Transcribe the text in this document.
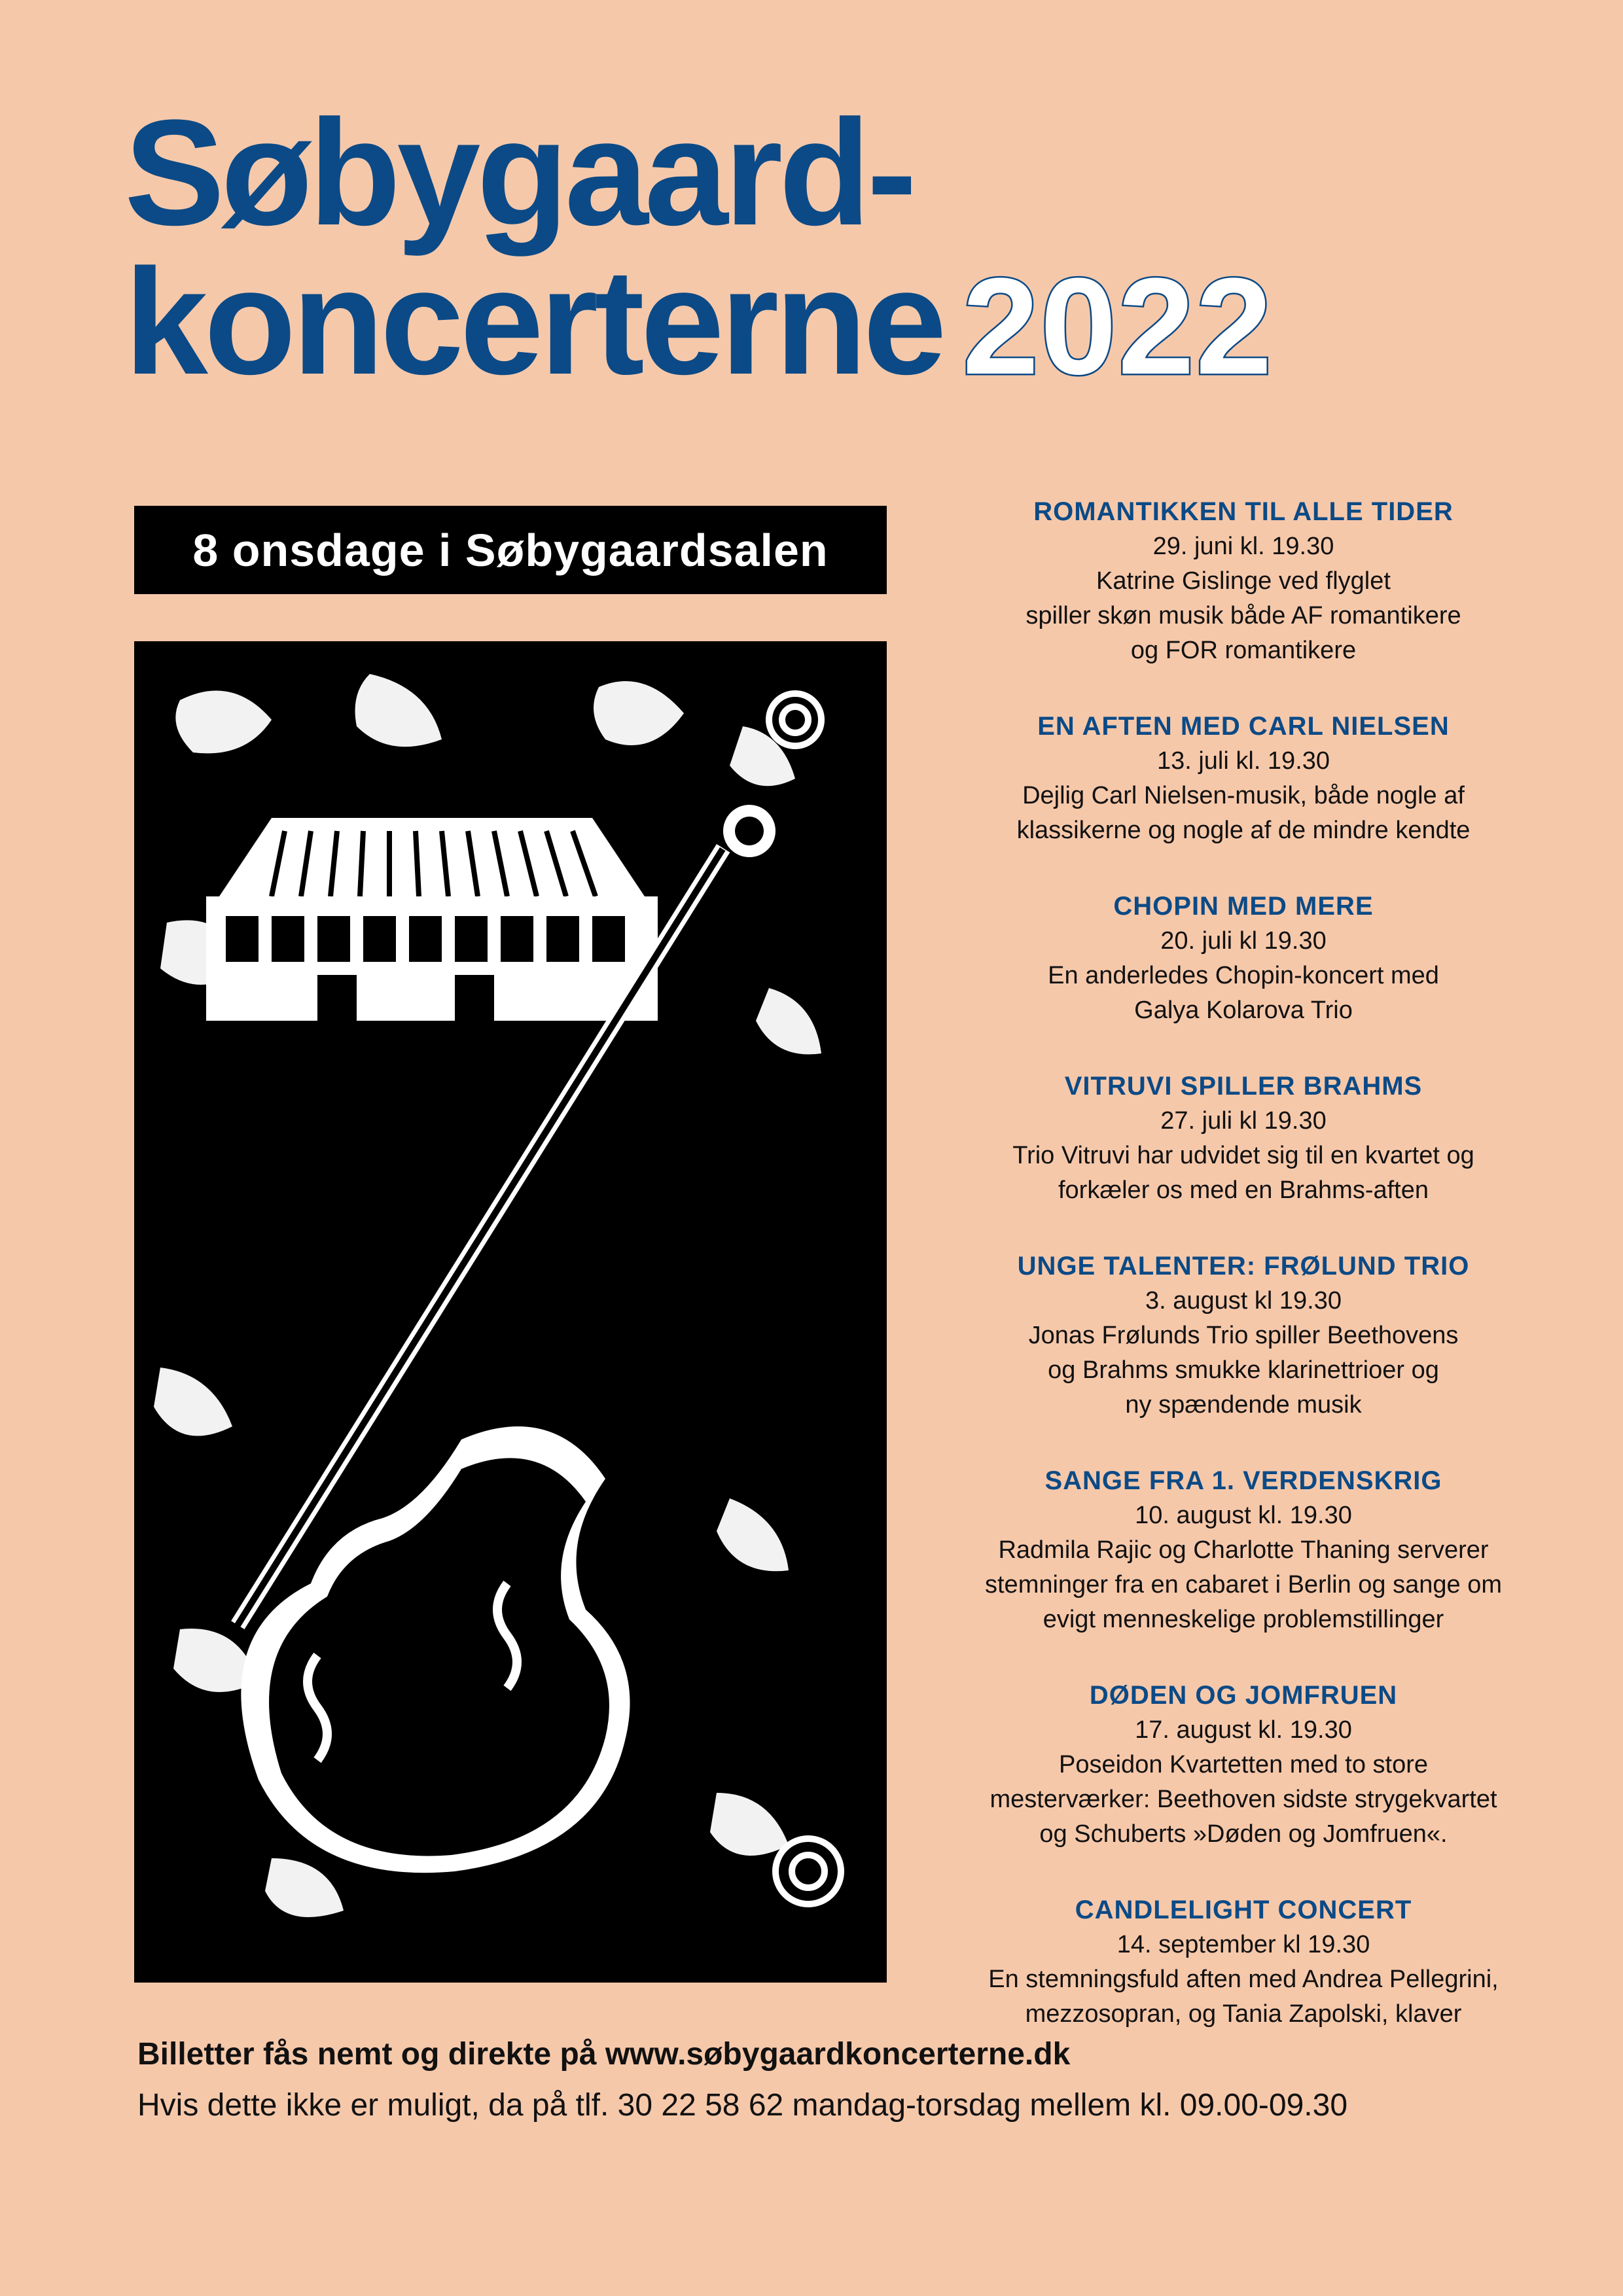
Søbygaard-
koncerterne 2022
8 onsdage i Søbygaardsalen
ROMANTIKKEN TIL ALLE TIDER

29. juni kl. 19.30

Katrine Gislinge ved flyglet

spiller skøn musik både AF romantikere

og FOR romantikere

EN AFTEN MED CARL NIELSEN

13. juli kl. 19.30

Dejlig Carl Nielsen-musik, både nogle af

klassikerne og nogle af de mindre kendte

CHOPIN MED MERE

20. juli kl 19.30

En anderledes Chopin-koncert med

Galya Kolarova Trio

VITRUVI SPILLER BRAHMS

27. juli kl 19.30

Trio Vitruvi har udvidet sig til en kvartet og

forkæler os med en Brahms-aften

UNGE TALENTER: FRØLUND TRIO

3. august kl 19.30

Jonas Frølunds Trio spiller Beethovens

og Brahms smukke klarinettrioer og

ny spændende musik

SANGE FRA 1. VERDENSKRIG

10. august kl. 19.30

Radmila Rajic og Charlotte Thaning serverer

stemninger fra en cabaret i Berlin og sange om

evigt menneskelige problemstillinger

DØDEN OG JOMFRUEN

17. august kl. 19.30

Poseidon Kvartetten med to store

mesterværker: Beethoven sidste strygekvartet

og Schuberts »Døden og Jomfruen«.

CANDLELIGHT CONCERT

14. september kl 19.30

En stemningsfuld aften med Andrea Pellegrini,

mezzosopran, og Tania Zapolski, klaver

Billetter fås nemt og direkte på www.søbygaardkoncerterne.dk

Hvis dette ikke er muligt, da på tlf. 30 22 58 62 mandag-torsdag mellem kl. 09.00-09.30
